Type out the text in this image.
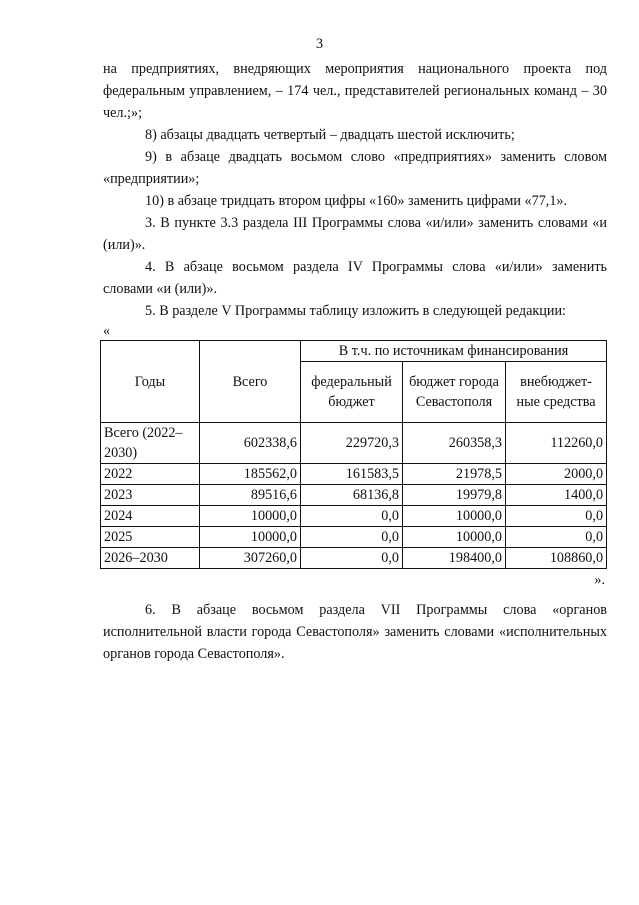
3

на предприятиях, внедряющих мероприятия национального проекта под федеральным управлением, – 174 чел., представителей региональных команд – 30 чел.;»;

8) абзацы двадцать четвертый – двадцать шестой исключить;

9) в абзаце двадцать восьмом слово «предприятиях» заменить словом «предприятии»;

10) в абзаце тридцать втором цифры «160» заменить цифрами «77,1».

3. В пункте 3.3 раздела III Программы слова «и/или» заменить словами «и (или)».

4. В абзаце восьмом раздела IV Программы слова «и/или» заменить словами «и (или)».

5. В разделе V Программы таблицу изложить в следующей редакции:

«

Годы	Всего	В т.ч. по источникам финансирования		
		федеральный бюджет	бюджет города Севастополя	внебюджет-ные средства
Всего (2022–2030)	602338,6	229720,3	260358,3	112260,0
2022	185562,0	161583,5	21978,5	2000,0
2023	89516,6	68136,8	19979,8	1400,0
2024	10000,0	0,0	10000,0	0,0
2025	10000,0	0,0	10000,0	0,0
2026–2030	307260,0	0,0	198400,0	108860,0

».

6. В абзаце восьмом раздела VII Программы слова «органов исполнительной власти города Севастополя» заменить словами «исполнительных органов города Севастополя».
